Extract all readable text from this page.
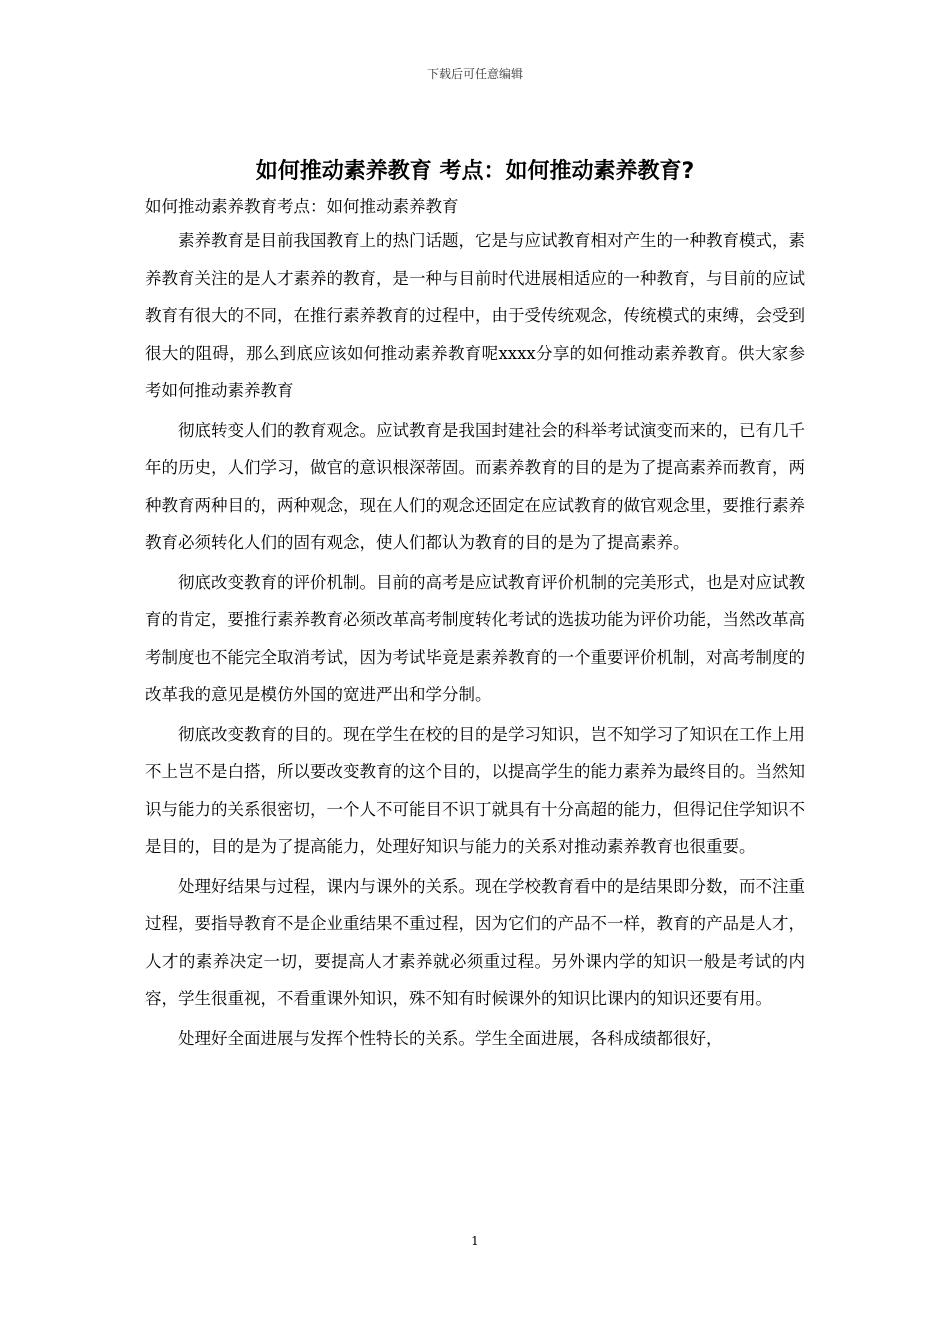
下载后可任意编辑
如何推动素养教育 考点：如何推动素养教育?

如何推动素养教育考点：如何推动素养教育

素养教育是目前我国教育上的热门话题，它是与应试教育相对产生的一种教育模式，素养教育关注的是人才素养的教育，是一种与目前时代进展相适应的一种教育，与目前的应试教育有很大的不同，在推行素养教育的过程中，由于受传统观念，传统模式的束缚，会受到很大的阻碍，那么到底应该如何推动素养教育呢xxxx分享的如何推动素养教育。供大家参考如何推动素养教育

彻底转变人们的教育观念。应试教育是我国封建社会的科举考试演变而来的，已有几千年的历史，人们学习，做官的意识根深蒂固。而素养教育的目的是为了提高素养而教育，两种教育两种目的，两种观念，现在人们的观念还固定在应试教育的做官观念里，要推行素养教育必须转化人们的固有观念，使人们都认为教育的目的是为了提高素养。

彻底改变教育的评价机制。目前的高考是应试教育评价机制的完美形式，也是对应试教育的肯定，要推行素养教育必须改革高考制度转化考试的选拔功能为评价功能，当然改革高考制度也不能完全取消考试，因为考试毕竟是素养教育的一个重要评价机制，对高考制度的改革我的意见是模仿外国的宽进严出和学分制。

彻底改变教育的目的。现在学生在校的目的是学习知识，岂不知学习了知识在工作上用不上岂不是白搭，所以要改变教育的这个目的，以提高学生的能力素养为最终目的。当然知识与能力的关系很密切，一个人不可能目不识丁就具有十分高超的能力，但得记住学知识不是目的，目的是为了提高能力，处理好知识与能力的关系对推动素养教育也很重要。

处理好结果与过程，课内与课外的关系。现在学校教育看中的是结果即分数，而不注重过程，要指导教育不是企业重结果不重过程，因为它们的产品不一样，教育的产品是人才，人才的素养决定一切，要提高人才素养就必须重过程。另外课内学的知识一般是考试的内容，学生很重视，不看重课外知识，殊不知有时候课外的知识比课内的知识还要有用。

处理好全面进展与发挥个性特长的关系。学生全面进展，各科成绩都很好，

1
